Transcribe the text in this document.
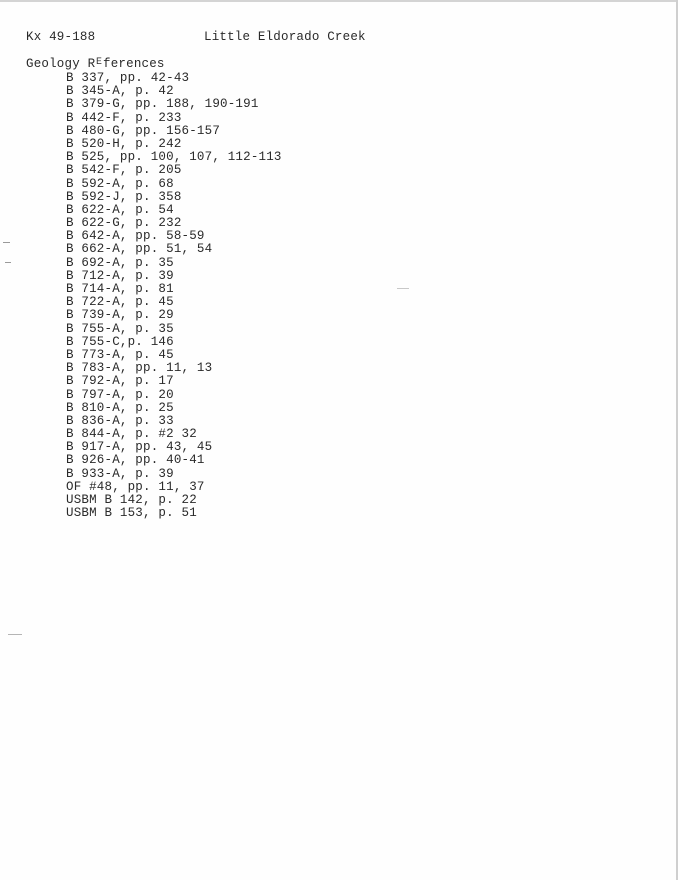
Kx 49-188	Little Eldorado Creek
Geology Rᴱferences
B 337, pp. 42-43
B 345-A, p. 42
B 379-G, pp. 188, 190-191
B 442-F, p. 233
B 480-G, pp. 156-157
B 520-H, p. 242
B 525, pp. 100, 107, 112-113
B 542-F, p. 205
B 592-A, p. 68
B 592-J, p. 358
B 622-A, p. 54
B 622-G, p. 232
B 642-A, pp. 58-59
B 662-A, pp. 51, 54
B 692-A, p. 35
B 712-A, p. 39
B 714-A, p. 81
B 722-A, p. 45
B 739-A, p. 29
B 755-A, p. 35
B 755-C,p. 146
B 773-A, p. 45
B 783-A, pp. 11, 13
B 792-A, p. 17
B 797-A, p. 20
B 810-A, p. 25
B 836-A, p. 33
B 844-A, p. #2 32
B 917-A, pp. 43, 45
B 926-A, pp. 40-41
B 933-A, p. 39
OF #48, pp. 11, 37
USBM B 142, p. 22
USBM B 153, p. 51
